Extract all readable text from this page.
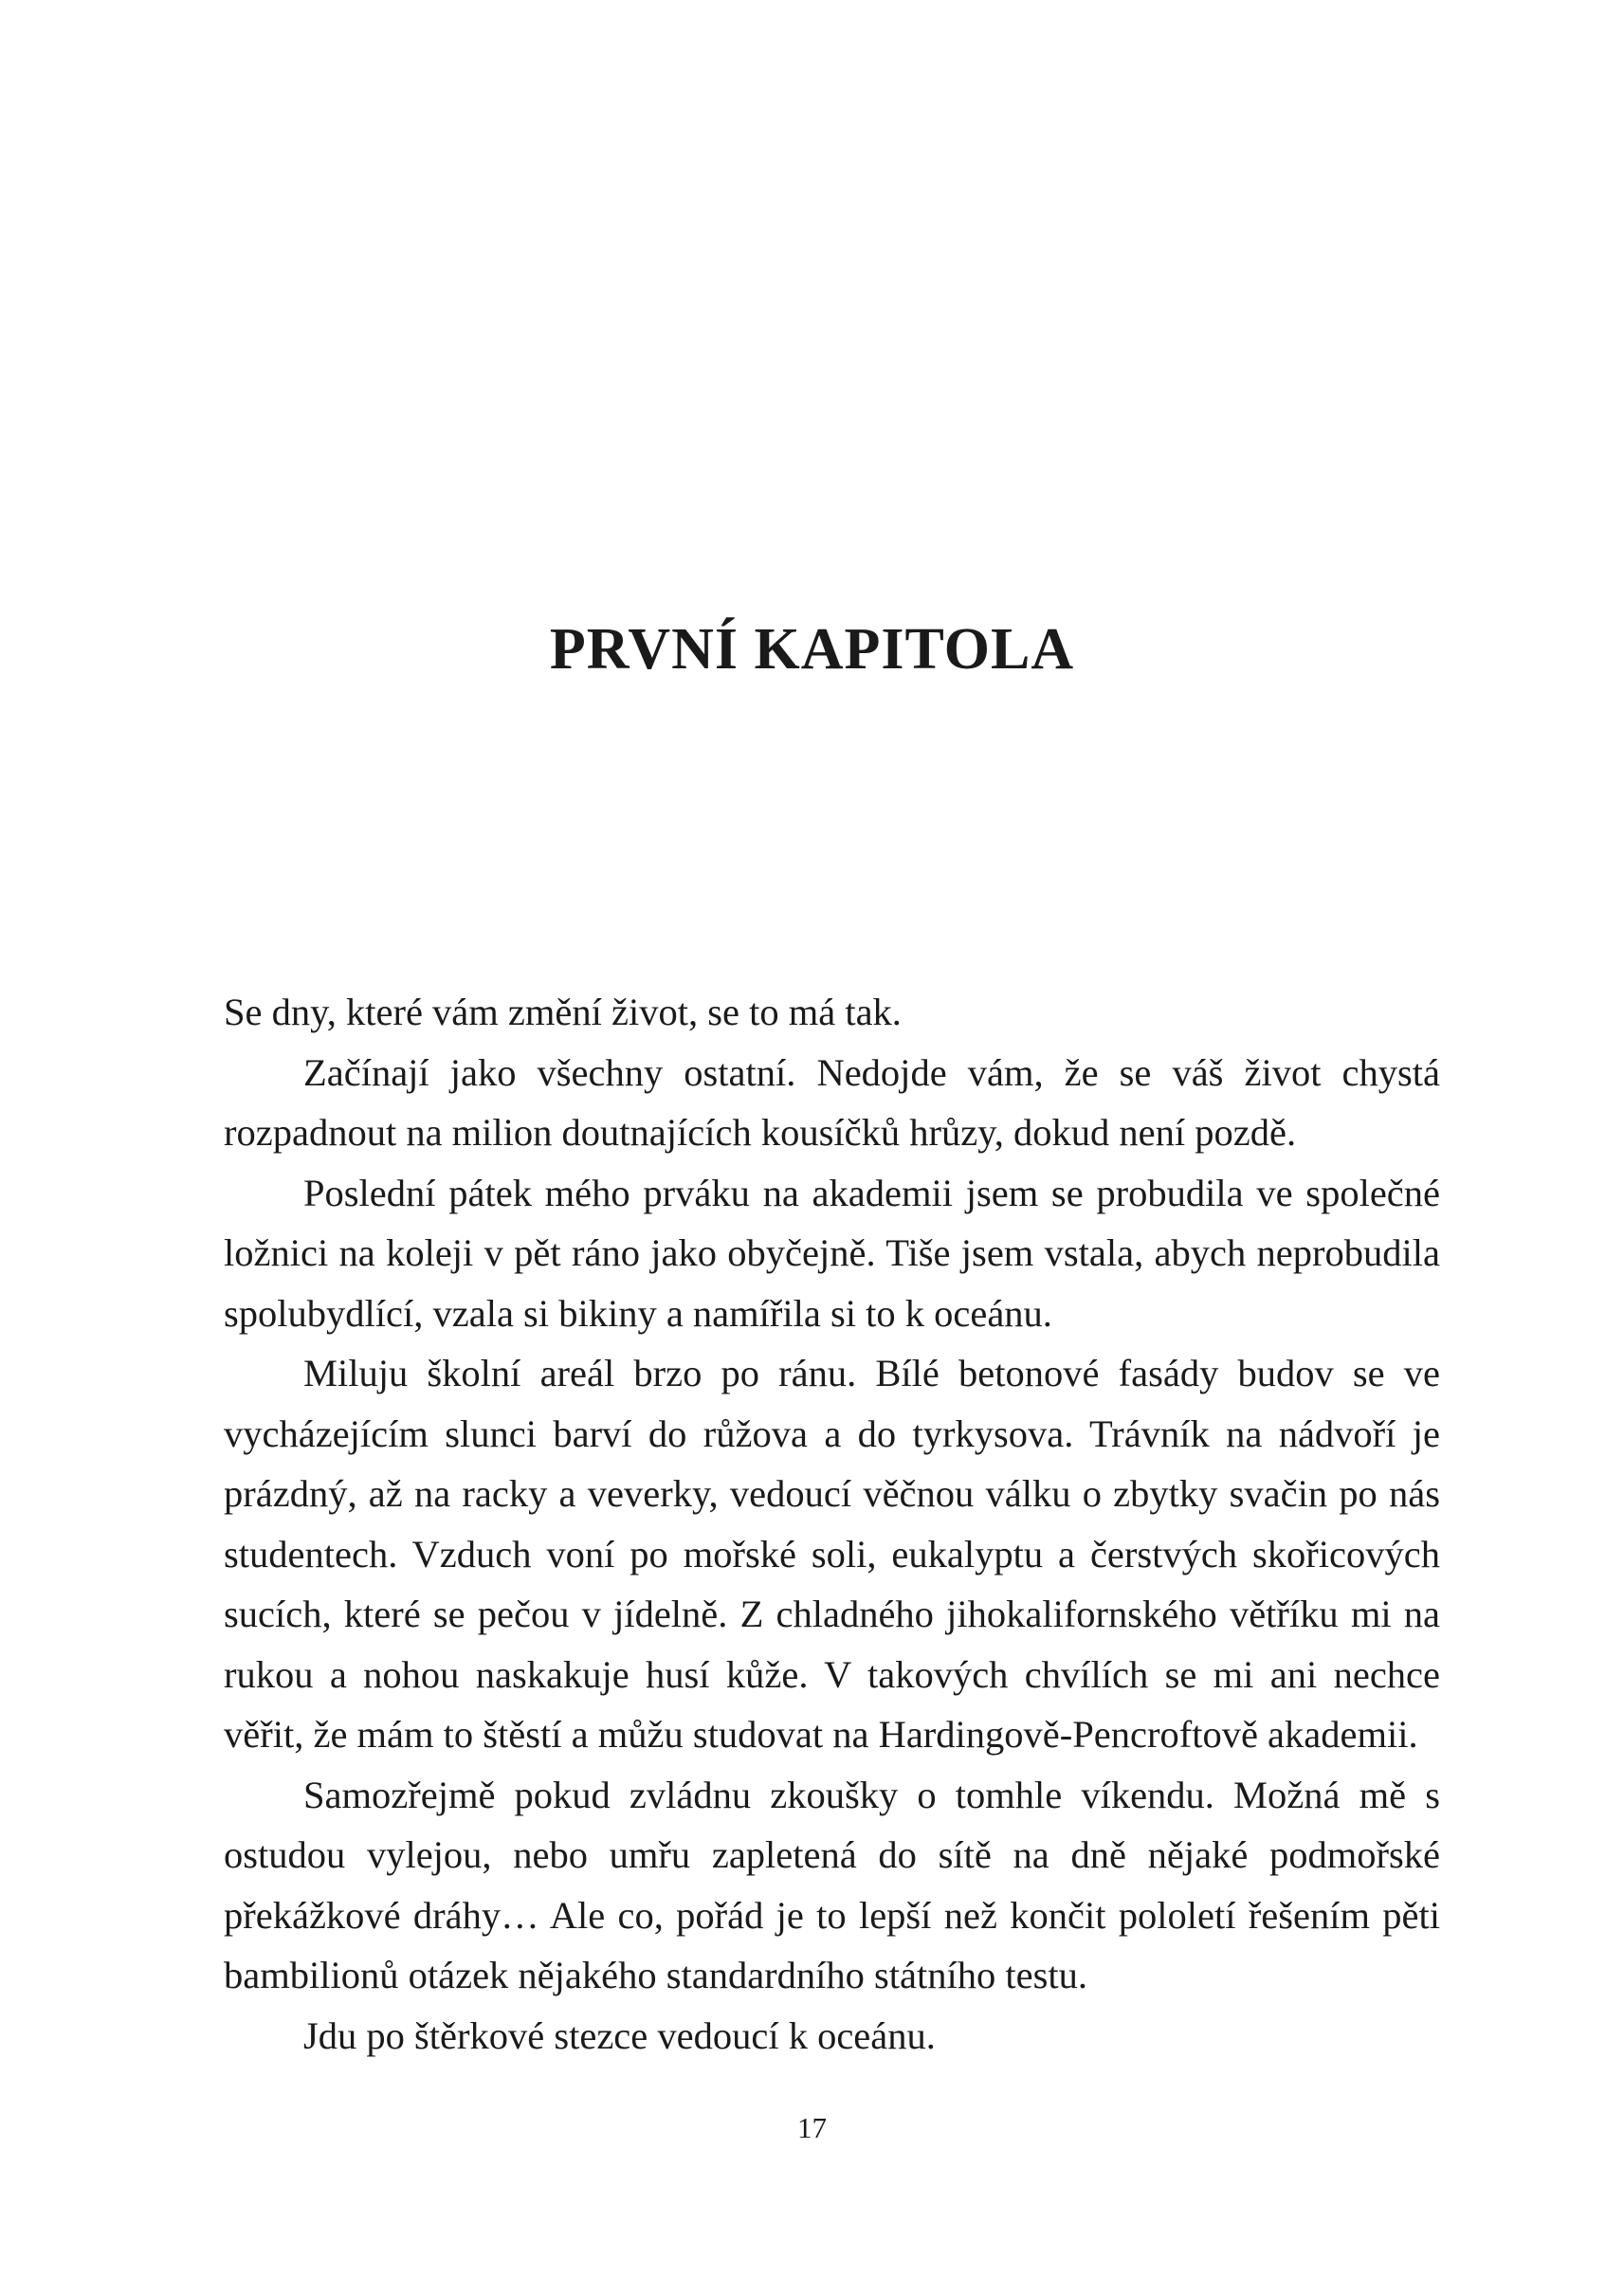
PRVNÍ KAPITOLA

Se dny, které vám změní život, se to má tak.

Začínají jako všechny ostatní. Nedojde vám, že se váš život chystá rozpadnout na milion doutnajících kousíčků hrůzy, dokud není pozdě.

Poslední pátek mého prváku na akademii jsem se probudila ve společné ložnici na koleji v pět ráno jako obyčejně. Tiše jsem vstala, abych neprobudila spolubydlící, vzala si bikiny a namířila si to k oceánu.

Miluju školní areál brzo po ránu. Bílé betonové fasády budov se ve vycházejícím slunci barví do růžova a do tyrkysova. Trávník na nádvoří je prázdný, až na racky a veverky, vedoucí věčnou válku o zbytky svačin po nás studentech. Vzduch voní po mořské soli, eukalyptu a čerstvých skořicových sucích, které se pečou v jídelně. Z chladného jihokalifornského větříku mi na rukou a nohou naskakuje husí kůže. V takových chvílích se mi ani nechce věřit, že mám to štěstí a můžu studovat na Hardingově-Pencroftově akademii.

Samozřejmě pokud zvládnu zkoušky o tomhle víkendu. Možná mě s ostudou vylejou, nebo umřu zapletená do sítě na dně nějaké podmořské překážkové dráhy… Ale co, pořád je to lepší než končit pololetí řešením pěti bambilionů otázek nějakého standardního státního testu.

Jdu po štěrkové stezce vedoucí k oceánu.

17
